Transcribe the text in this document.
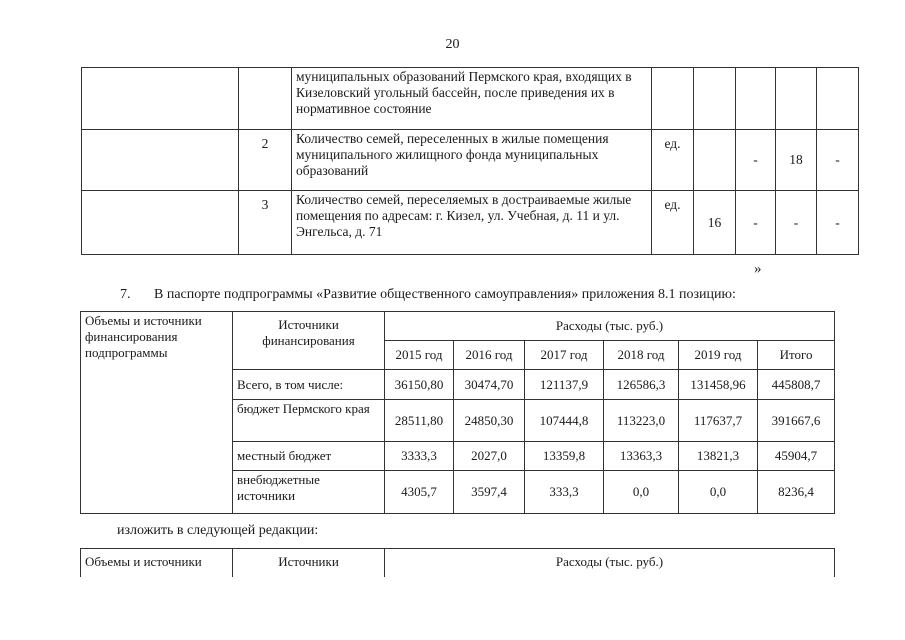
20
		муниципальных образований Пермского края, входящих в Кизеловский угольный бассейн, после приведения их в нормативное состояние					
	2	Количество семей, переселенных в жилые помещения муниципального жилищного фонда муниципальных образований	ед.		-	18	-
	3	Количество семей, переселяемых в достраиваемые жилые помещения по адресам: г. Кизел, ул. Учебная, д. 11 и ул. Энгельса, д. 71	ед.	16	-	-	-
»
7. В паспорте подпрограммы «Развитие общественного самоуправления» приложения 8.1 позицию:
Объемы и источники финансирования подпрограммы	Источники финансирования	Расходы (тыс. руб.)					
		2015 год	2016 год	2017 год	2018 год	2019 год	Итого
	Всего, в том числе:	36150,80	30474,70	121137,9	126586,3	131458,96	445808,7
	бюджет Пермского края	28511,80	24850,30	107444,8	113223,0	117637,7	391667,6
	местный бюджет	3333,3	2027,0	13359,8	13363,3	13821,3	45904,7
	внебюджетные источники	4305,7	3597,4	333,3	0,0	0,0	8236,4
изложить в следующей редакции:
Объемы и источники	Источники	Расходы (тыс. руб.)
